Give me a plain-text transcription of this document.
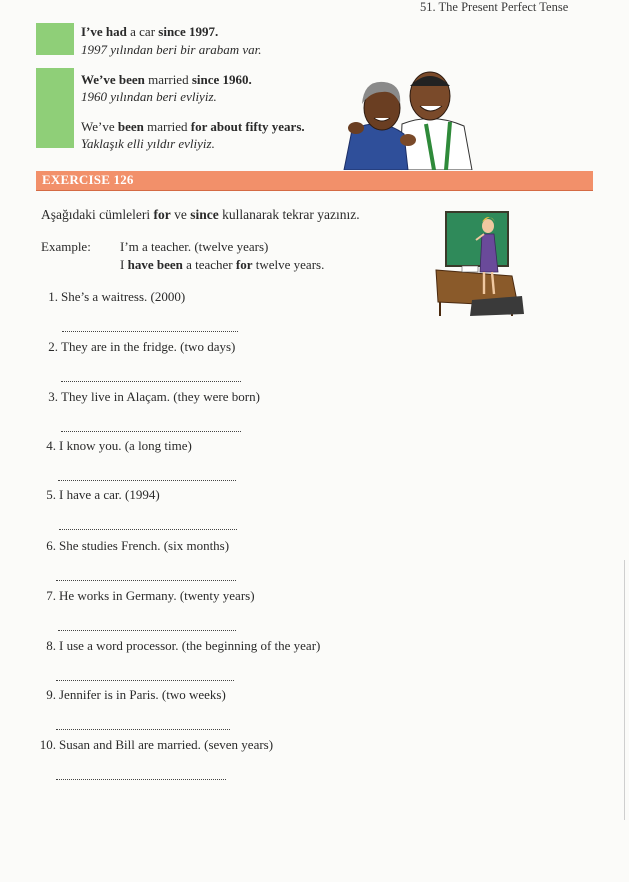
51. The Present Perfect Tense
I’ve had a car since 1997.
1997 yılından beri bir arabam var.
We’ve been married since 1960.
1960 yılından beri evliyiz.
We’ve been married for about fifty years.
Yaklaşık elli yıldır evliyiz.
EXERCISE 126
Aşağıdaki cümleleri for ve since kullanarak tekrar yazınız.
Example: I’m a teacher. (twelve years)
I have been a teacher for twelve years.
1. She’s a waitress. (2000)
2. They are in the fridge. (two days)
3. They live in Alaçam. (they were born)
4. I know you. (a long time)
5. I have a car. (1994)
6. She studies French. (six months)
7. He works in Germany. (twenty years)
8. I use a word processor. (the beginning of the year)
9. Jennifer is in Paris. (two weeks)
10. Susan and Bill are married. (seven years)
